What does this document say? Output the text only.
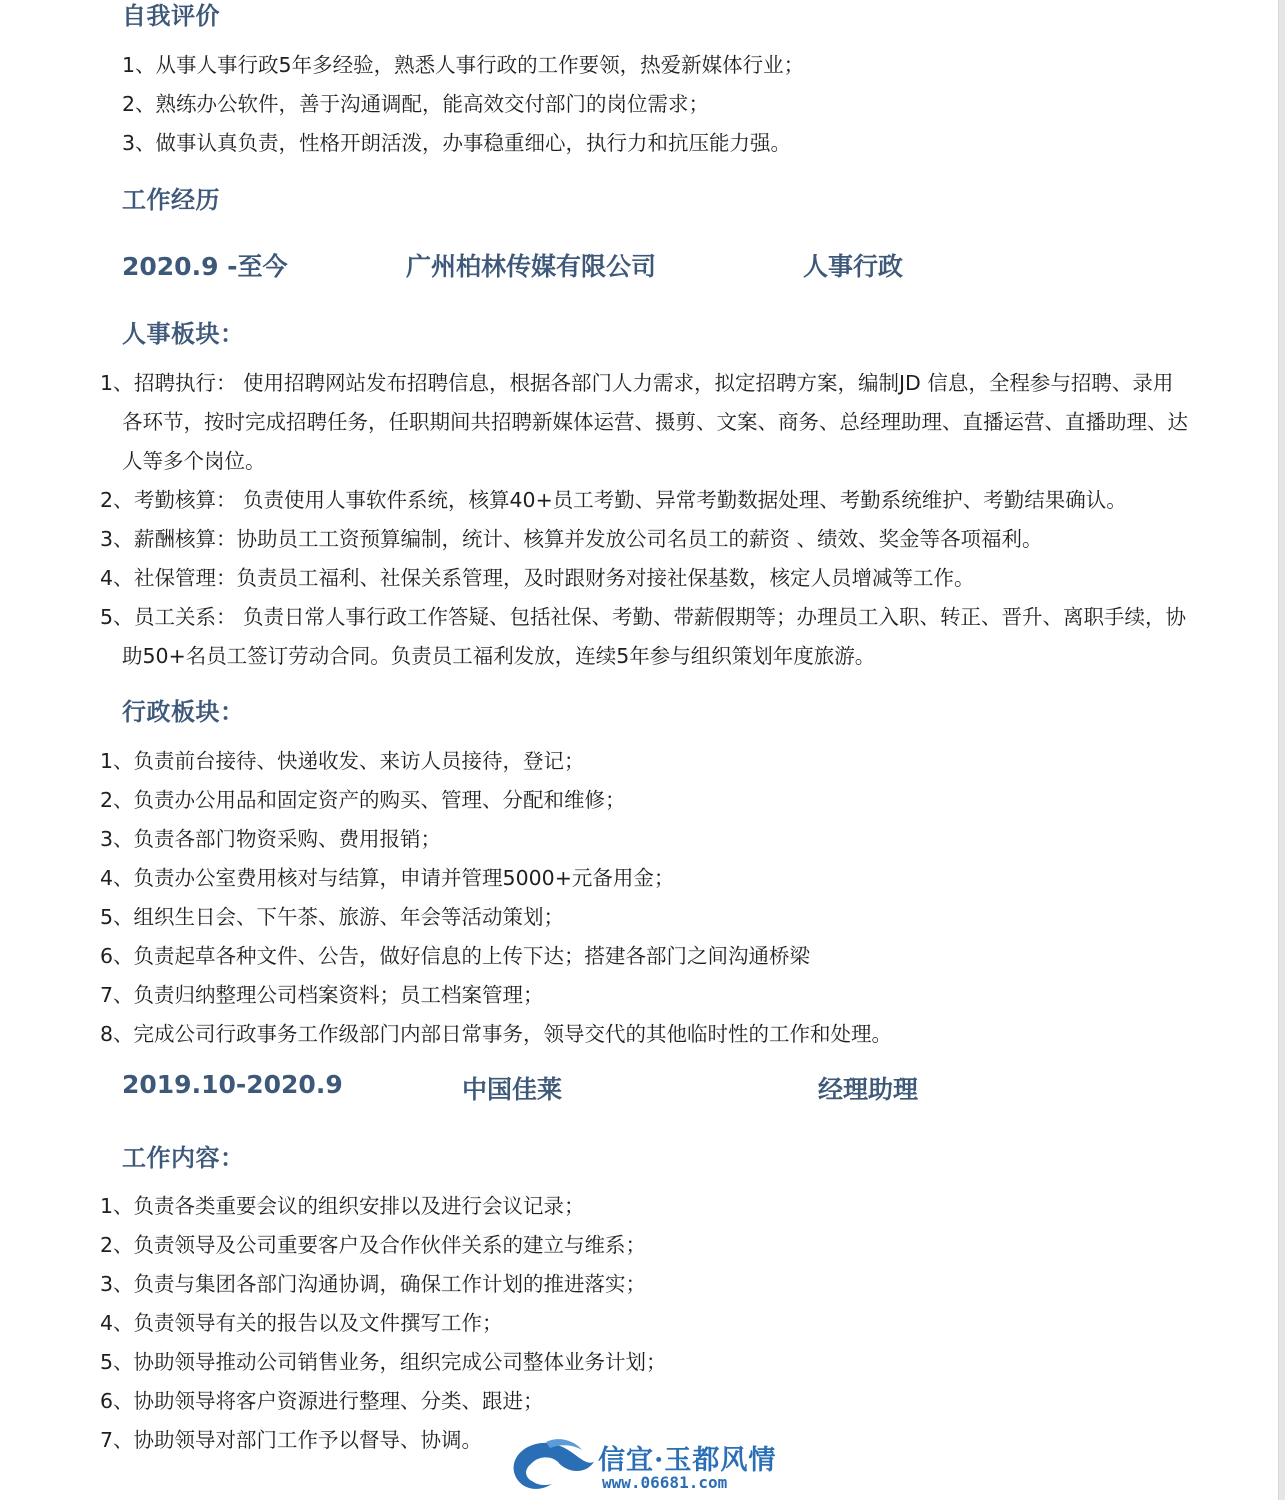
自我评价
1、从事人事行政5年多经验，熟悉人事行政的工作要领，热爱新媒体行业；
2、熟练办公软件，善于沟通调配，能高效交付部门的岗位需求；
3、做事认真负责，性格开朗活泼，办事稳重细心，执行力和抗压能力强。
工作经历
2020.9 -至今	广州柏林传媒有限公司	人事行政
人事板块：
1、 招聘执行： 使用招聘网站发布招聘信息，根据各部门人力需求，拟定招聘方案，编制JD 信息，全程参与招聘、录用各环节，按时完成招聘任务，任职期间共招聘新媒体运营、摄剪、文案、商务、总经理助理、直播运营、直播助理、达人等多个岗位。
2、 考勤核算： 负责使用人事软件系统，核算40+员工考勤、异常考勤数据处理、考勤系统维护、考勤结果确认。
3、 薪酬核算：协助员工工资预算编制，统计、核算并发放公司名员工的薪资 、绩效、奖金等各项福利。
4、 社保管理：负责员工福利、社保关系管理，及时跟财务对接社保基数，核定人员增减等工作。
5、 员工关系： 负责日常人事行政工作答疑、包括社保、考勤、带薪假期等；办理员工入职、转正、晋升、离职手续，协助50+名员工签订劳动合同。负责员工福利发放，连续5年参与组织策划年度旅游。
行政板块：
1、负责前台接待、快递收发、来访人员接待，登记；
2、负责办公用品和固定资产的购买、管理、分配和维修；
3、负责各部门物资采购、费用报销；
4、负责办公室费用核对与结算，申请并管理5000+元备用金；
5、组织生日会、下午茶、旅游、年会等活动策划；
6、负责起草各种文件、公告，做好信息的上传下达；搭建各部门之间沟通桥梁
7、负责归纳整理公司档案资料；员工档案管理；
8、完成公司行政事务工作级部门内部日常事务，领导交代的其他临时性的工作和处理。
2019.10-2020.9	中国佳莱	经理助理
工作内容：
1、负责各类重要会议的组织安排以及进行会议记录；
2、负责领导及公司重要客户及合作伙伴关系的建立与维系；
3、负责与集团各部门沟通协调，确保工作计划的推进落实；
4、负责领导有关的报告以及文件撰写工作；
5、协助领导推动公司销售业务，组织完成公司整体业务计划；
6、协助领导将客户资源进行整理、分类、跟进；
7、协助领导对部门工作予以督导、协调。
信宜·玉都风情
www.06681.com
